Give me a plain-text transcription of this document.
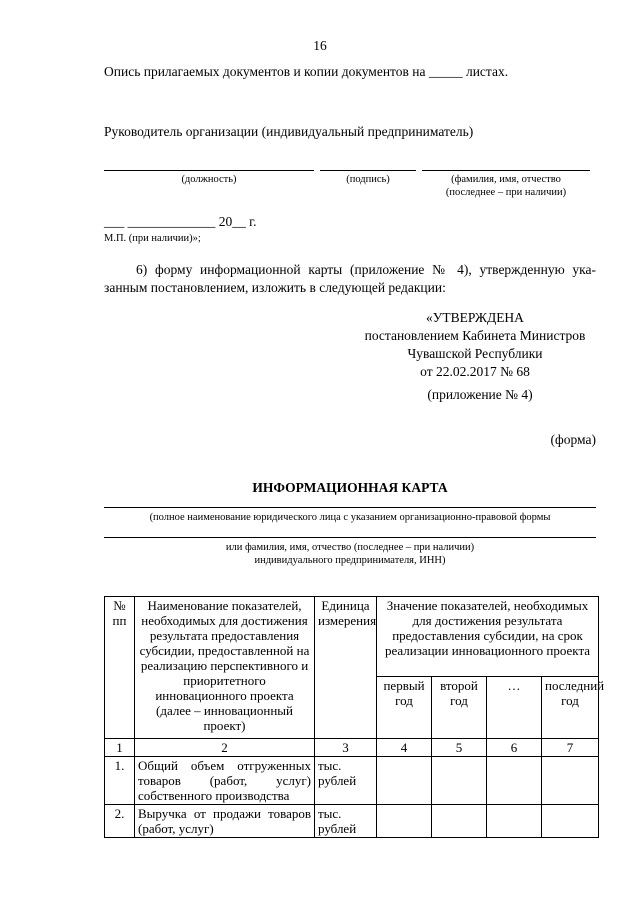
16
Опись прилагаемых документов и копии документов на _____ листах.
Руководитель организации (индивидуальный предприниматель)
(должность)	(подпись)	(фамилия, имя, отчество
(последнее – при наличии)
___ _____________ 20__ г.
М.П. (при наличии)»;
6) форму информационной карты (приложение № 4), утвержденную ука-
занным постановлением, изложить в следующей редакции:
«УТВЕРЖДЕНА
постановлением Кабинета Министров
Чувашской Республики
от 22.02.2017 № 68
(приложение № 4)
(форма)
ИНФОРМАЦИОННАЯ КАРТА
(полное наименование юридического лица с указанием организационно-правовой формы
или фамилия, имя, отчество (последнее – при наличии)
индивидуального предпринимателя, ИНН)
№ пп	Наименование показателей, необходимых для достижения результата предоставления субсидии, предоставленной на реализацию перспективного и приоритетного инновационного проекта (далее – инновационный проект)	Единица измерения	Значение показателей, необходимых для достижения результата предоставления субсидии, на срок реализации инновационного проекта			
			первый год	второй год	…	последний год
1	2	3	4	5	6	7
1.	Общий объем отгруженных товаров (работ, услуг) собственного производства	тыс. рублей				
2.	Выручка от продажи товаров (работ, услуг)	тыс. рублей				
